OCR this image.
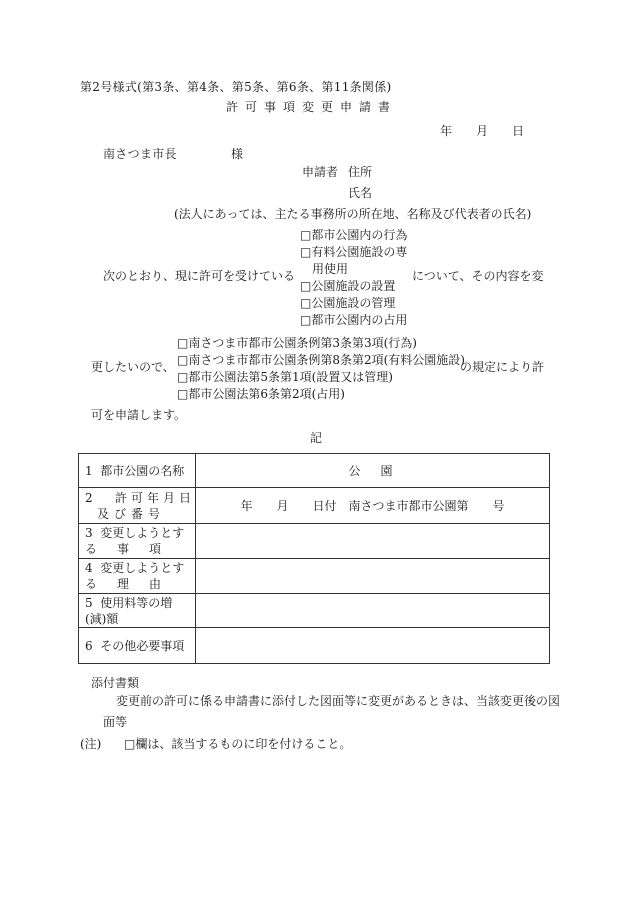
第2号様式(第3条、第4条、第5条、第6条、第11条関係)
許可事項変更申請書
年 月 日
南さつま市長	様
申請者 住所
氏名
(法人にあっては、主たる事務所の所在地、名称及び代表者の氏名)
次のとおり、現に許可を受けている
□ 都市公園内の行為
□ 有料公園施設の専
用使用
□ 公園施設の設置
□ 公園施設の管理
□ 都市公園内の占用
について、その内容を変
更したいので、
□ 南さつま市都市公園条例第3条第3項(行為)
□ 南さつま市都市公園条例第8条第2項(有料公園施設)
□ 都市公園法第5条第1項(設置又は管理)
□ 都市公園法第6条第2項(占用)
の規定により許
可を申請します。
記
1 都市公園の名称	公　園

2 許可年月日
及び番号	年　　月　　日付　南さつま市都市公園第　　号

3 変更しようとす
る　事　項	

4 変更しようとす
る　理　由	

5 使用料等の増
(減)額	

6 その他必要事項	
添付書類
変更前の許可に係る申請書に添付した図面等に変更があるときは、当該変更後の図
面等
(注) □欄は、該当するものに印を付けること。
